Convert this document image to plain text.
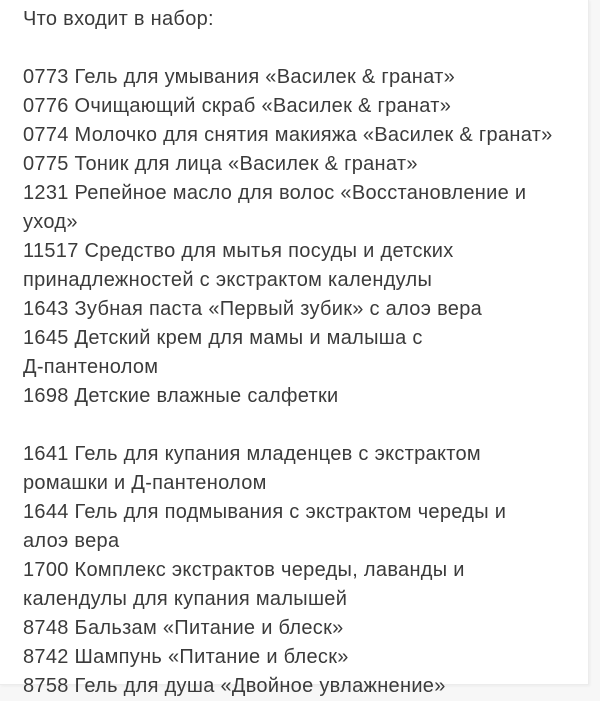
Что входит в набор:
0773 Гель для умывания «Василек & гранат»
0776 Очищающий скраб «Василек & гранат»
0774 Молочко для снятия макияжа «Василек & гранат»
0775 Тоник для лица «Василек & гранат»
1231 Репейное масло для волос «Восстановление и
уход»
11517 Средство для мытья посуды и детских
принадлежностей с экстрактом календулы
1643 Зубная паста «Первый зубик» с алоэ вера
1645 Детский крем для мамы и малыша с
Д-пантенолом
1698 Детские влажные салфетки
1641 Гель для купания младенцев с экстрактом
ромашки и Д-пантенолом
1644 Гель для подмывания с экстрактом череды и
алоэ вера
1700 Комплекс экстрактов череды, лаванды и
календулы для купания малышей
8748 Бальзам «Питание и блеск»
8742 Шампунь «Питание и блеск»
8758 Гель для душа «Двойное увлажнение»
